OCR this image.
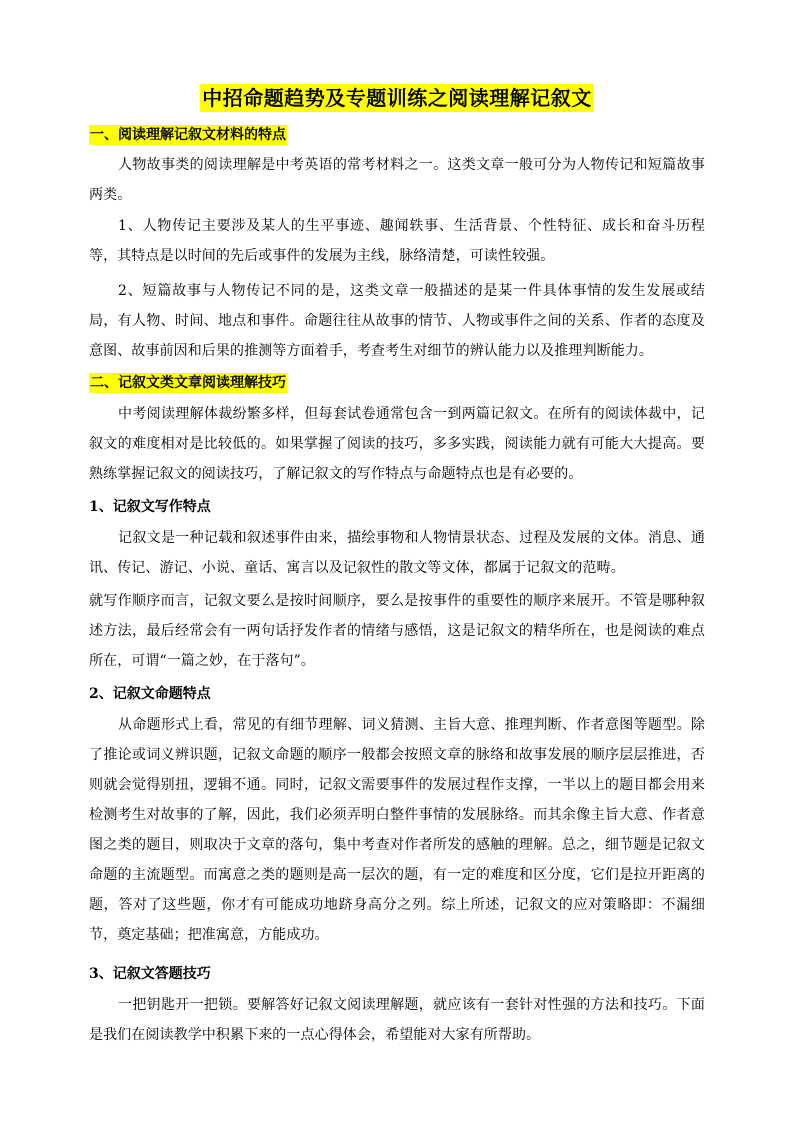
中招命题趋势及专题训练之阅读理解记叙文
一、阅读理解记叙文材料的特点
人物故事类的阅读理解是中考英语的常考材料之一。这类文章一般可分为人物传记和短篇故事两类。
1、人物传记主要涉及某人的生平事迹、趣闻轶事、生活背景、个性特征、成长和奋斗历程等，其特点是以时间的先后或事件的发展为主线，脉络清楚，可读性较强。
2、短篇故事与人物传记不同的是，这类文章一般描述的是某一件具体事情的发生发展或结局，有人物、时间、地点和事件。命题往往从故事的情节、人物或事件之间的关系、作者的态度及意图、故事前因和后果的推测等方面着手，考查考生对细节的辨认能力以及推理判断能力。
二、记叙文类文章阅读理解技巧
中考阅读理解体裁纷繁多样，但每套试卷通常包含一到两篇记叙文。在所有的阅读体裁中，记叙文的难度相对是比较低的。如果掌握了阅读的技巧，多多实践，阅读能力就有可能大大提高。要熟练掌握记叙文的阅读技巧，了解记叙文的写作特点与命题特点也是有必要的。
1、记叙文写作特点
记叙文是一种记载和叙述事件由来，描绘事物和人物情景状态、过程及发展的文体。消息、通讯、传记、游记、小说、童话、寓言以及记叙性的散文等文体，都属于记叙文的范畴。
就写作顺序而言，记叙文要么是按时间顺序，要么是按事件的重要性的顺序来展开。不管是哪种叙述方法，最后经常会有一两句话抒发作者的情绪与感悟，这是记叙文的精华所在，也是阅读的难点所在，可谓“一篇之妙，在于落句”。
2、记叙文命题特点
从命题形式上看，常见的有细节理解、词义猜测、主旨大意、推理判断、作者意图等题型。除了推论或词义辨识题，记叙文命题的顺序一般都会按照文章的脉络和故事发展的顺序层层推进，否则就会觉得别扭，逻辑不通。同时，记叙文需要事件的发展过程作支撑，一半以上的题目都会用来检测考生对故事的了解，因此，我们必须弄明白整件事情的发展脉络。而其余像主旨大意、作者意图之类的题目，则取决于文章的落句，集中考查对作者所发的感触的理解。总之，细节题是记叙文命题的主流题型。而寓意之类的题则是高一层次的题，有一定的难度和区分度，它们是拉开距离的题，答对了这些题，你才有可能成功地跻身高分之列。综上所述，记叙文的应对策略即：不漏细节，奠定基础；把准寓意，方能成功。
3、记叙文答题技巧
一把钥匙开一把锁。要解答好记叙文阅读理解题，就应该有一套针对性强的方法和技巧。下面是我们在阅读教学中积累下来的一点心得体会，希望能对大家有所帮助。
